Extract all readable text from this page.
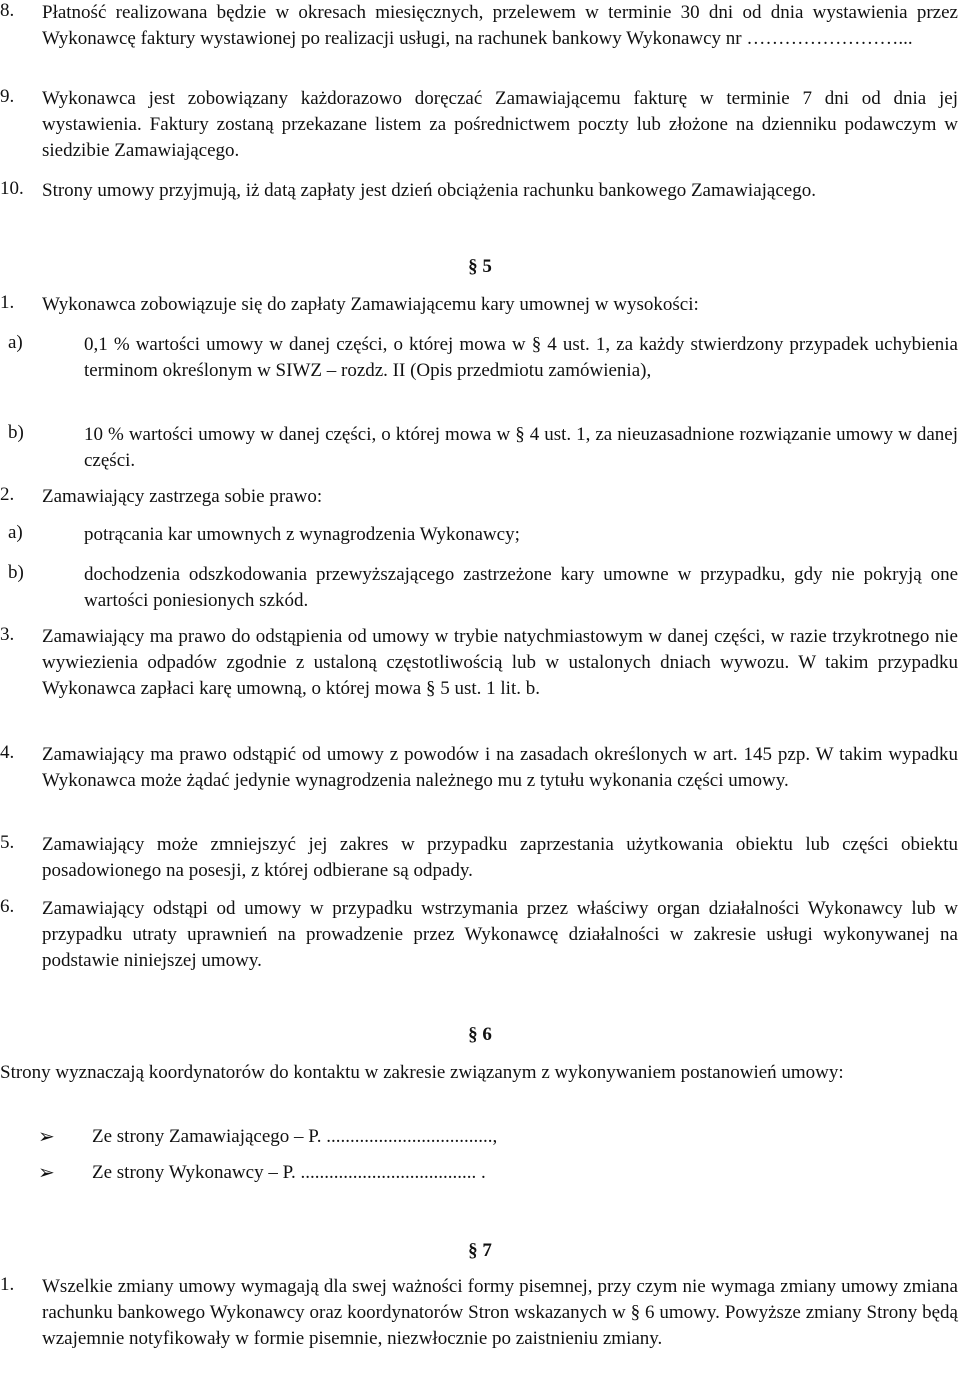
8.	Płatność realizowana będzie w okresach miesięcznych, przelewem w terminie 30 dni od dnia wystawienia przez Wykonawcę faktury wystawionej po realizacji usługi, na rachunek bankowy Wykonawcy nr ……………………...
9.	Wykonawca jest zobowiązany każdorazowo doręczać Zamawiającemu fakturę w terminie 7 dni od dnia jej wystawienia. Faktury zostaną przekazane listem za pośrednictwem poczty lub złożone na dzienniku podawczym w siedzibie Zamawiającego.
10. Strony umowy przyjmują, iż datą zapłaty jest dzień obciążenia rachunku bankowego Zamawiającego.
§ 5
1.	Wykonawca zobowiązuje się do zapłaty Zamawiającemu kary umownej w wysokości:
a)	0,1 % wartości umowy w danej części, o której mowa w § 4 ust. 1, za każdy stwierdzony przypadek uchybienia terminom określonym w SIWZ – rozdz. II (Opis przedmiotu zamówienia),
b)	10 % wartości umowy w danej części, o której mowa w § 4 ust. 1, za nieuzasadnione rozwiązanie umowy w danej części.
2.	Zamawiający zastrzega sobie prawo:
a)	potrącania kar umownych z wynagrodzenia Wykonawcy;
b)	dochodzenia odszkodowania przewyższającego zastrzeżone kary umowne w przypadku, gdy nie pokryją one wartości poniesionych szkód.
3.	Zamawiający ma prawo do odstąpienia od umowy w trybie natychmiastowym w danej części, w razie trzykrotnego nie wywiezienia odpadów zgodnie z ustaloną częstotliwością lub w ustalonych dniach wywozu. W takim przypadku Wykonawca zapłaci karę umowną, o której mowa § 5 ust. 1 lit. b.
4.	Zamawiający ma prawo odstąpić od umowy z powodów i na zasadach określonych w art. 145 pzp. W takim wypadku Wykonawca może żądać jedynie wynagrodzenia należnego mu z tytułu wykonania części umowy.
5.	Zamawiający może zmniejszyć jej zakres w przypadku zaprzestania użytkowania obiektu lub części obiektu posadowionego na posesji, z której odbierane są odpady.
6.	Zamawiający odstąpi od umowy w przypadku wstrzymania przez właściwy organ działalności Wykonawcy lub w przypadku utraty uprawnień na prowadzenie przez Wykonawcę działalności w zakresie usługi wykonywanej na podstawie niniejszej umowy.
§ 6
Strony wyznaczają koordynatorów do kontaktu w zakresie związanym z wykonywaniem postanowień umowy:
➢	Ze strony Zamawiającego – P. ...................................,
➢	Ze strony Wykonawcy – P. ..................................... .
§ 7
1.	Wszelkie zmiany umowy wymagają dla swej ważności formy pisemnej, przy czym nie wymaga zmiany umowy zmiana rachunku bankowego Wykonawcy oraz koordynatorów Stron wskazanych w § 6 umowy. Powyższe zmiany Strony będą wzajemnie notyfikowały w formie pisemnie, niezwłocznie po zaistnieniu zmiany.
